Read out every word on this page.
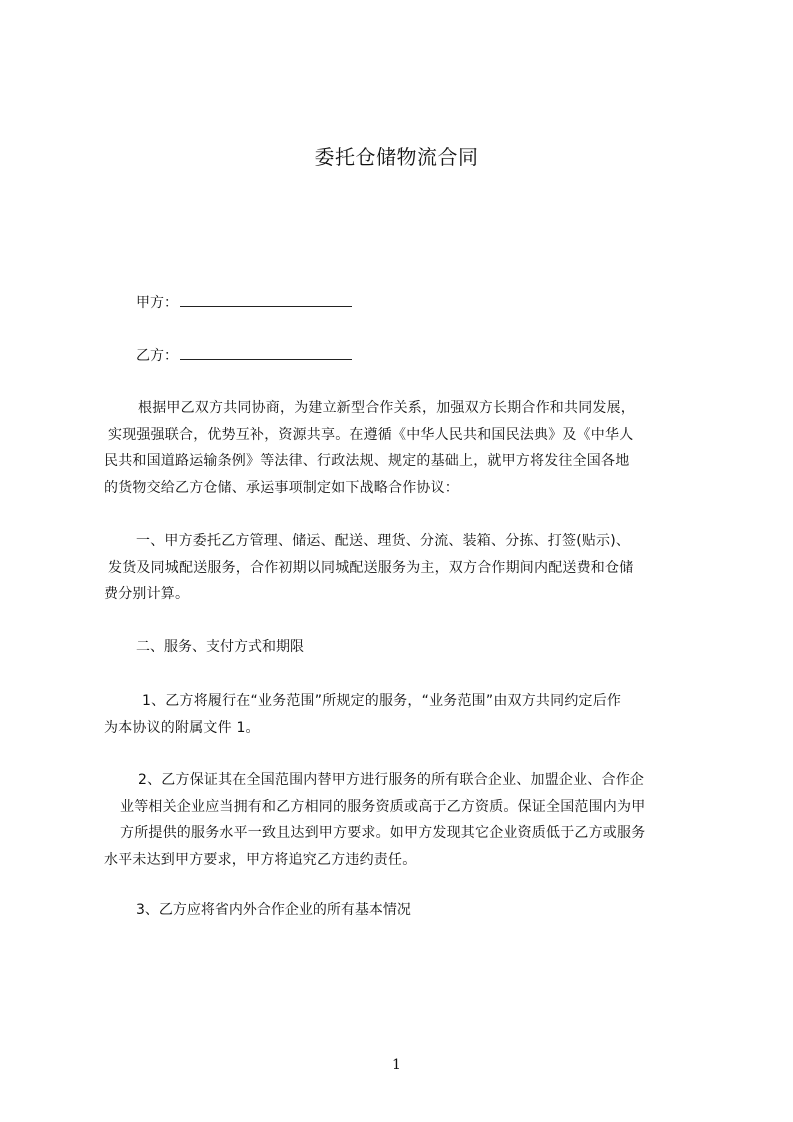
委托仓储物流合同
甲方：
乙方：
根据甲乙双方共同协商，为建立新型合作关系，加强双方长期合作和共同发展，
实现强强联合，优势互补，资源共享。在遵循《中华人民共和国民法典》及《中华人
民共和国道路运输条例》等法律、行政法规、规定的基础上，就甲方将发往全国各地
的货物交给乙方仓储、承运事项制定如下战略合作协议：
一、甲方委托乙方管理、储运、配送、理货、分流、装箱、分拣、打签(贴示)、
发货及同城配送服务，合作初期以同城配送服务为主，双方合作期间内配送费和仓储
费分别计算。
二、服务、支付方式和期限
1、乙方将履行在“业务范围”所规定的服务，“业务范围”由双方共同约定后作
为本协议的附属文件 1。
2、乙方保证其在全国范围内替甲方进行服务的所有联合企业、加盟企业、合作企
业等相关企业应当拥有和乙方相同的服务资质或高于乙方资质。保证全国范围内为甲
方所提供的服务水平一致且达到甲方要求。如甲方发现其它企业资质低于乙方或服务
水平未达到甲方要求，甲方将追究乙方违约责任。
3、乙方应将省内外合作企业的所有基本情况
1
